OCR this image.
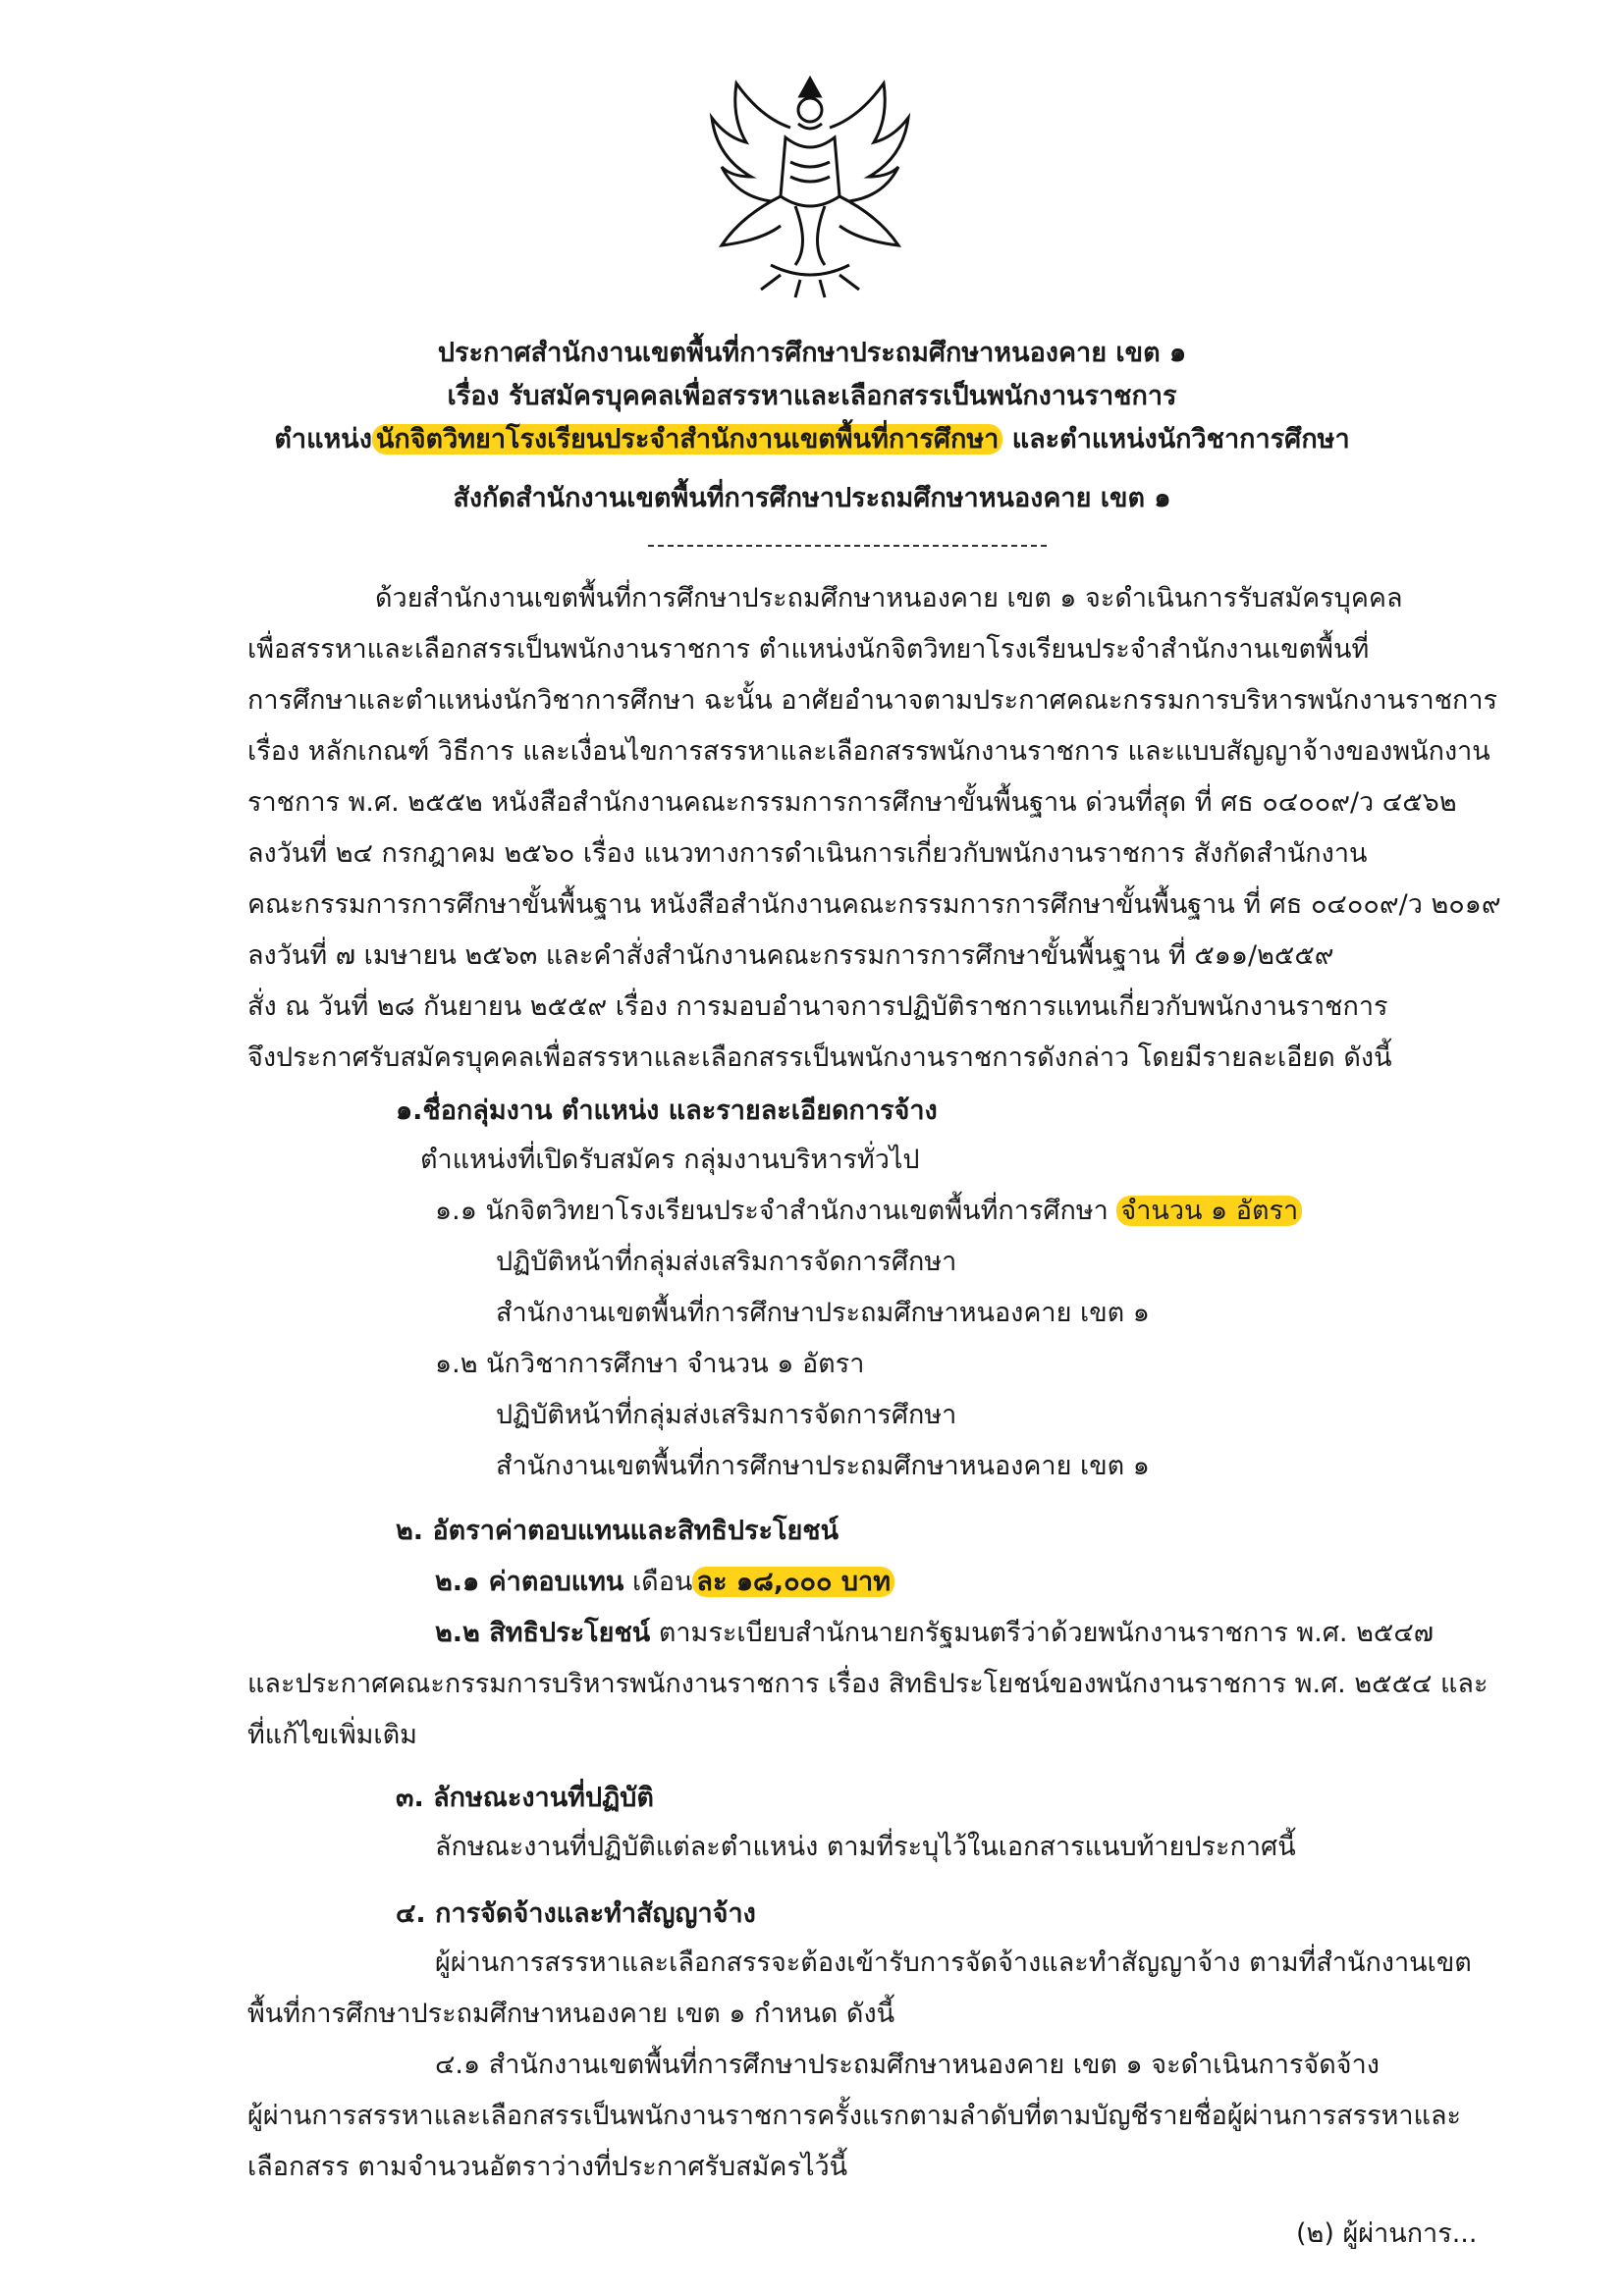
ประกาศสำนักงานเขตพื้นที่การศึกษาประถมศึกษาหนองคาย เขต ๑
เรื่อง รับสมัครบุคคลเพื่อสรรหาและเลือกสรรเป็นพนักงานราชการ
ตำแหน่ง นักจิตวิทยาโรงเรียนประจำสำนักงานเขตพื้นที่การศึกษา และตำแหน่งนักวิชาการศึกษา
สังกัดสำนักงานเขตพื้นที่การศึกษาประถมศึกษาหนองคาย เขต ๑
ด้วยสำนักงานเขตพื้นที่การศึกษาประถมศึกษาหนองคาย เขต ๑ จะดำเนินการรับสมัครบุคคล
เพื่อสรรหาและเลือกสรรเป็นพนักงานราชการ ตำแหน่งนักจิตวิทยาโรงเรียนประจำสำนักงานเขตพื้นที่
การศึกษาและตำแหน่งนักวิชาการศึกษา ฉะนั้น อาศัยอำนาจตามประกาศคณะกรรมการบริหารพนักงานราชการ
เรื่อง หลักเกณฑ์ วิธีการ และเงื่อนไขการสรรหาและเลือกสรรพนักงานราชการ และแบบสัญญาจ้างของพนักงาน
ราชการ พ.ศ. ๒๕๕๒ หนังสือสำนักงานคณะกรรมการการศึกษาขั้นพื้นฐาน ด่วนที่สุด ที่ ศธ ๐๔๐๐๙/ว ๔๕๖๒
ลงวันที่ ๒๔ กรกฎาคม ๒๕๖๐ เรื่อง แนวทางการดำเนินการเกี่ยวกับพนักงานราชการ สังกัดสำนักงาน
คณะกรรมการการศึกษาขั้นพื้นฐาน หนังสือสำนักงานคณะกรรมการการศึกษาขั้นพื้นฐาน ที่ ศธ ๐๔๐๐๙/ว ๒๐๑๙
ลงวันที่ ๗ เมษายน ๒๕๖๓ และคำสั่งสำนักงานคณะกรรมการการศึกษาขั้นพื้นฐาน ที่ ๕๑๑/๒๕๕๙
สั่ง ณ วันที่ ๒๘ กันยายน ๒๕๕๙ เรื่อง การมอบอำนาจการปฏิบัติราชการแทนเกี่ยวกับพนักงานราชการ
จึงประกาศรับสมัครบุคคลเพื่อสรรหาและเลือกสรรเป็นพนักงานราชการดังกล่าว โดยมีรายละเอียด ดังนี้
๑.ชื่อกลุ่มงาน ตำแหน่ง และรายละเอียดการจ้าง
ตำแหน่งที่เปิดรับสมัคร กลุ่มงานบริหารทั่วไป
๑.๑ นักจิตวิทยาโรงเรียนประจำสำนักงานเขตพื้นที่การศึกษา จำนวน ๑ อัตรา
ปฏิบัติหน้าที่กลุ่มส่งเสริมการจัดการศึกษา
สำนักงานเขตพื้นที่การศึกษาประถมศึกษาหนองคาย เขต ๑
๑.๒ นักวิชาการศึกษา จำนวน ๑ อัตรา
ปฏิบัติหน้าที่กลุ่มส่งเสริมการจัดการศึกษา
สำนักงานเขตพื้นที่การศึกษาประถมศึกษาหนองคาย เขต ๑
๒. อัตราค่าตอบแทนและสิทธิประโยชน์
๒.๑ ค่าตอบแทน เดือน ละ ๑๘,๐๐๐ บาท
๒.๒ สิทธิประโยชน์ ตามระเบียบสำนักนายกรัฐมนตรีว่าด้วยพนักงานราชการ พ.ศ. ๒๕๔๗
และประกาศคณะกรรมการบริหารพนักงานราชการ เรื่อง สิทธิประโยชน์ของพนักงานราชการ พ.ศ. ๒๕๕๔ และ
ที่แก้ไขเพิ่มเติม
๓. ลักษณะงานที่ปฏิบัติ
ลักษณะงานที่ปฏิบัติแต่ละตำแหน่ง ตามที่ระบุไว้ในเอกสารแนบท้ายประกาศนี้
๔. การจัดจ้างและทำสัญญาจ้าง
ผู้ผ่านการสรรหาและเลือกสรรจะต้องเข้ารับการจัดจ้างและทำสัญญาจ้าง ตามที่สำนักงานเขต
พื้นที่การศึกษาประถมศึกษาหนองคาย เขต ๑ กำหนด ดังนี้
๔.๑ สำนักงานเขตพื้นที่การศึกษาประถมศึกษาหนองคาย เขต ๑ จะดำเนินการจัดจ้าง
ผู้ผ่านการสรรหาและเลือกสรรเป็นพนักงานราชการครั้งแรกตามลำดับที่ตามบัญชีรายชื่อผู้ผ่านการสรรหาและ
เลือกสรร ตามจำนวนอัตราว่างที่ประกาศรับสมัครไว้นี้
(๒) ผู้ผ่านการ...
